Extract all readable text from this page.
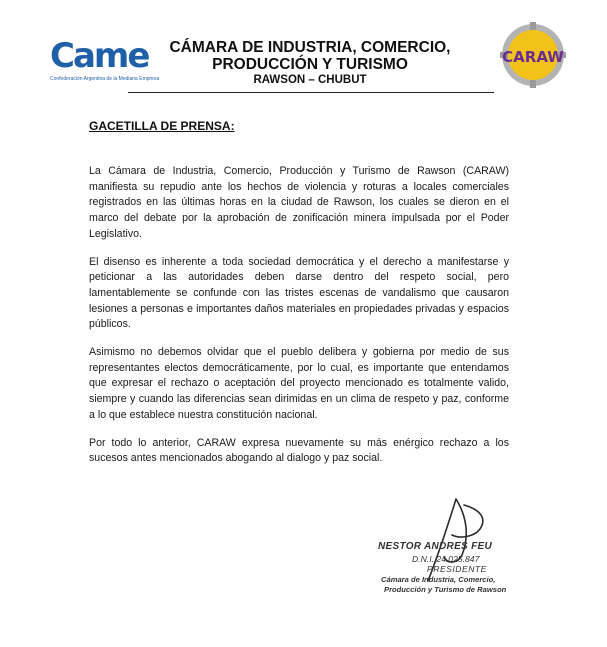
Came
Confederación Argentina de la Mediana Empresa
CÁMARA DE INDUSTRIA, COMERCIO, PRODUCCIÓN Y TURISMO
RAWSON – CHUBUT
CARAW
GACETILLA DE PRENSA:

La Cámara de Industria, Comercio, Producción y Turismo de Rawson (CARAW) manifiesta su repudio ante los hechos de violencia y roturas a locales comerciales registrados en las últimas horas en la ciudad de Rawson, los cuales se dieron en el marco del debate por la aprobación de zonificación minera impulsada por el Poder Legislativo.

El disenso es inherente a toda sociedad democrática y el derecho a manifestarse y peticionar a las autoridades deben darse dentro del respeto social, pero lamentablemente se confunde con las tristes escenas de vandalismo que causaron lesiones a personas e importantes daños materiales en propiedades privadas y espacios públicos.

Asimismo no debemos olvidar que el pueblo delibera y gobierna por medio de sus representantes electos democráticamente, por lo cual, es importante que entendamos que expresar el rechazo o aceptación del proyecto mencionado es totalmente valido, siempre y cuando las diferencias sean dirimidas en un clima de respeto y paz, conforme a lo que establece nuestra constitución nacional.

Por todo lo anterior, CARAW expresa nuevamente su más enérgico rechazo a los sucesos antes mencionados abogando al dialogo y paz social.

NESTOR ANDRES FEU
D.N.I. 24.025.847
PRESIDENTE
Cámara de Industria, Comercio,
Producción y Turismo de Rawson
